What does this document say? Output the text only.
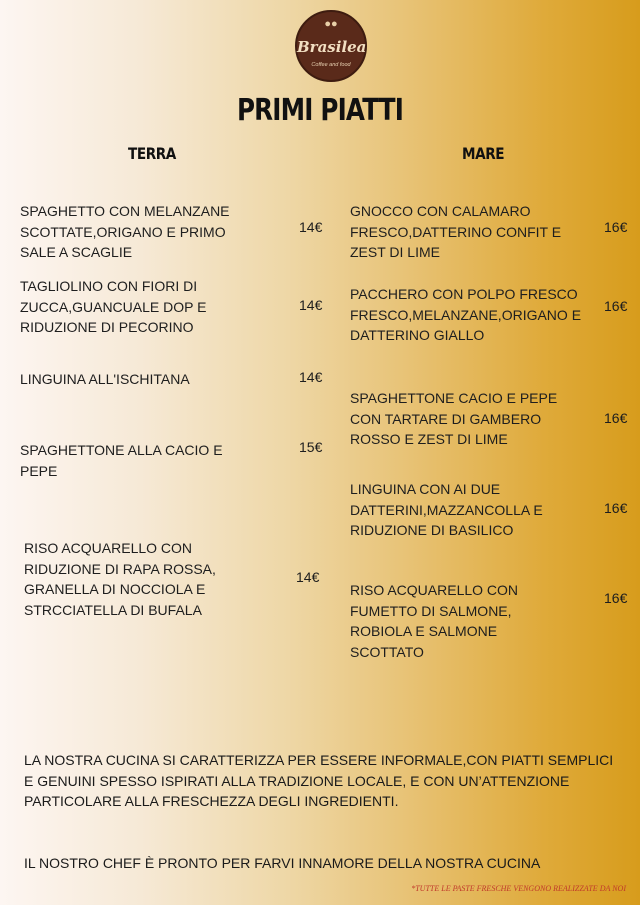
●●
Brasilea
Coffee and food
PRIMI PIATTI
TERRA	MARE
SPAGHETTO CON MELANZANE SCOTTATE,ORIGANO E PRIMO SALE A SCAGLIE
14€
TAGLIOLINO CON FIORI DI ZUCCA,GUANCUALE DOP E RIDUZIONE DI PECORINO
14€
LINGUINA ALL'ISCHITANA	14€
SPAGHETTONE ALLA CACIO E PEPE
15€
RISO ACQUARELLO CON RIDUZIONE DI RAPA ROSSA, GRANELLA DI NOCCIOLA E STRCCIATELLA DI BUFALA
14€
GNOCCO CON CALAMARO FRESCO,DATTERINO CONFIT E ZEST DI LIME
16€
PACCHERO CON POLPO FRESCO FRESCO,MELANZANE,ORIGANO E DATTERINO GIALLO
16€
SPAGHETTONE CACIO E PEPE CON TARTARE DI GAMBERO ROSSO E ZEST DI LIME
16€
LINGUINA CON AI DUE DATTERINI,MAZZANCOLLA E RIDUZIONE DI BASILICO
16€
RISO ACQUARELLO CON FUMETTO DI SALMONE, ROBIOLA E SALMONE SCOTTATO
16€
LA NOSTRA CUCINA SI CARATTERIZZA PER ESSERE INFORMALE,CON PIATTI SEMPLICI E GENUINI SPESSO ISPIRATI ALLA TRADIZIONE LOCALE, E CON UN’ATTENZIONE PARTICOLARE ALLA FRESCHEZZA DEGLI INGREDIENTI.
IL NOSTRO CHEF È PRONTO PER FARVI INNAMORE DELLA NOSTRA CUCINA
*TUTTE LE PASTE FRESCHE VENGONO REALIZZATE DA NOI
